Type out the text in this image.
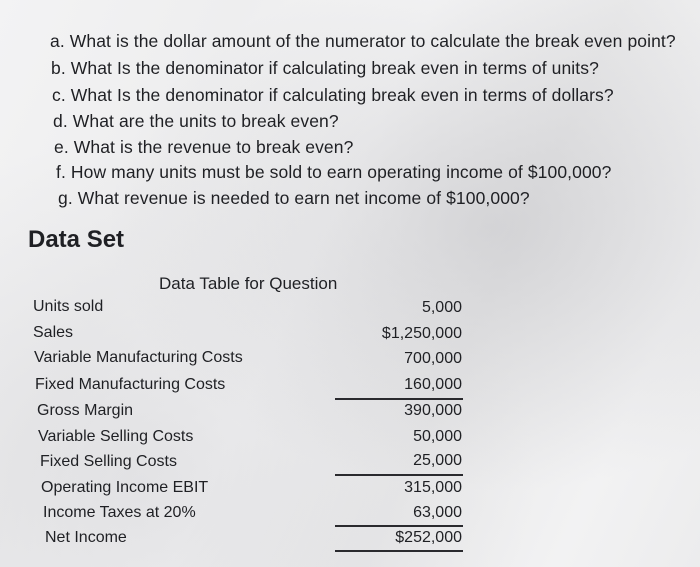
a. What is the dollar amount of the numerator to calculate the break even point?
b. What Is the denominator if calculating break even in terms of units?
c. What Is the denominator if calculating break even in terms of dollars?
d. What are the units to break even?
e. What is the revenue to break even?
f. How many units must be sold to earn operating income of $100,000?
g. What revenue is needed to earn net income of $100,000?
Data Set
Data Table for Question
Units sold	5,000
Sales	$1,250,000
Variable Manufacturing Costs	700,000
Fixed Manufacturing Costs	160,000
Gross Margin	390,000
Variable Selling Costs	50,000
Fixed Selling Costs	25,000
Operating Income EBIT	315,000
Income Taxes at 20%	63,000
Net Income	$252,000
